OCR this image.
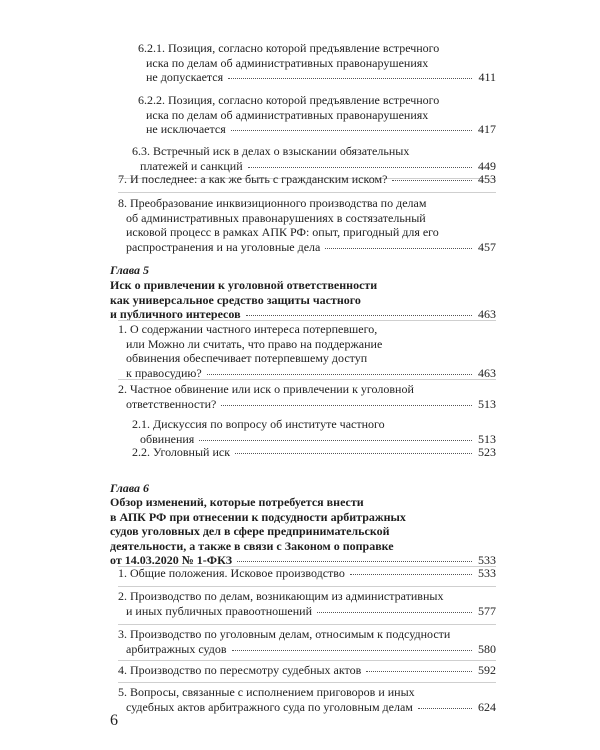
6.2.1. Позиция, согласно которой предъявление встречного
иска по делам об административных правонарушениях
не допускается	411
6.2.2. Позиция, согласно которой предъявление встречного
иска по делам об административных правонарушениях
не исключается	417
6.3. Встречный иск в делах о взыскании обязательных
платежей и санкций	449
7. И последнее: а как же быть с гражданским иском?	453
8. Преобразование инквизиционного производства по делам
об административных правонарушениях в состязательный
исковой процесс в рамках АПК РФ: опыт, пригодный для его
распространения и на уголовные дела	457
Глава 5
Иск о привлечении к уголовной ответственности
как универсальное средство защиты частного
и публичного интересов	463
1. О содержании частного интереса потерпевшего,
или Можно ли считать, что право на поддержание
обвинения обеспечивает потерпевшему доступ
к правосудию?	463
2. Частное обвинение или иск о привлечении к уголовной
ответственности?	513
2.1. Дискуссия по вопросу об институте частного
обвинения	513
2.2. Уголовный иск	523
Глава 6
Обзор изменений, которые потребуется внести
в АПК РФ при отнесении к подсудности арбитражных
судов уголовных дел в сфере предпринимательской
деятельности, а также в связи с Законом о поправке
от 14.03.2020 № 1-ФКЗ	533
1. Общие положения. Исковое производство	533
2. Производство по делам, возникающим из административных
и иных публичных правоотношений	577
3. Производство по уголовным делам, относимым к подсудности
арбитражных судов	580
4. Производство по пересмотру судебных актов	592
5. Вопросы, связанные с исполнением приговоров и иных
судебных актов арбитражного суда по уголовным делам	624
6
